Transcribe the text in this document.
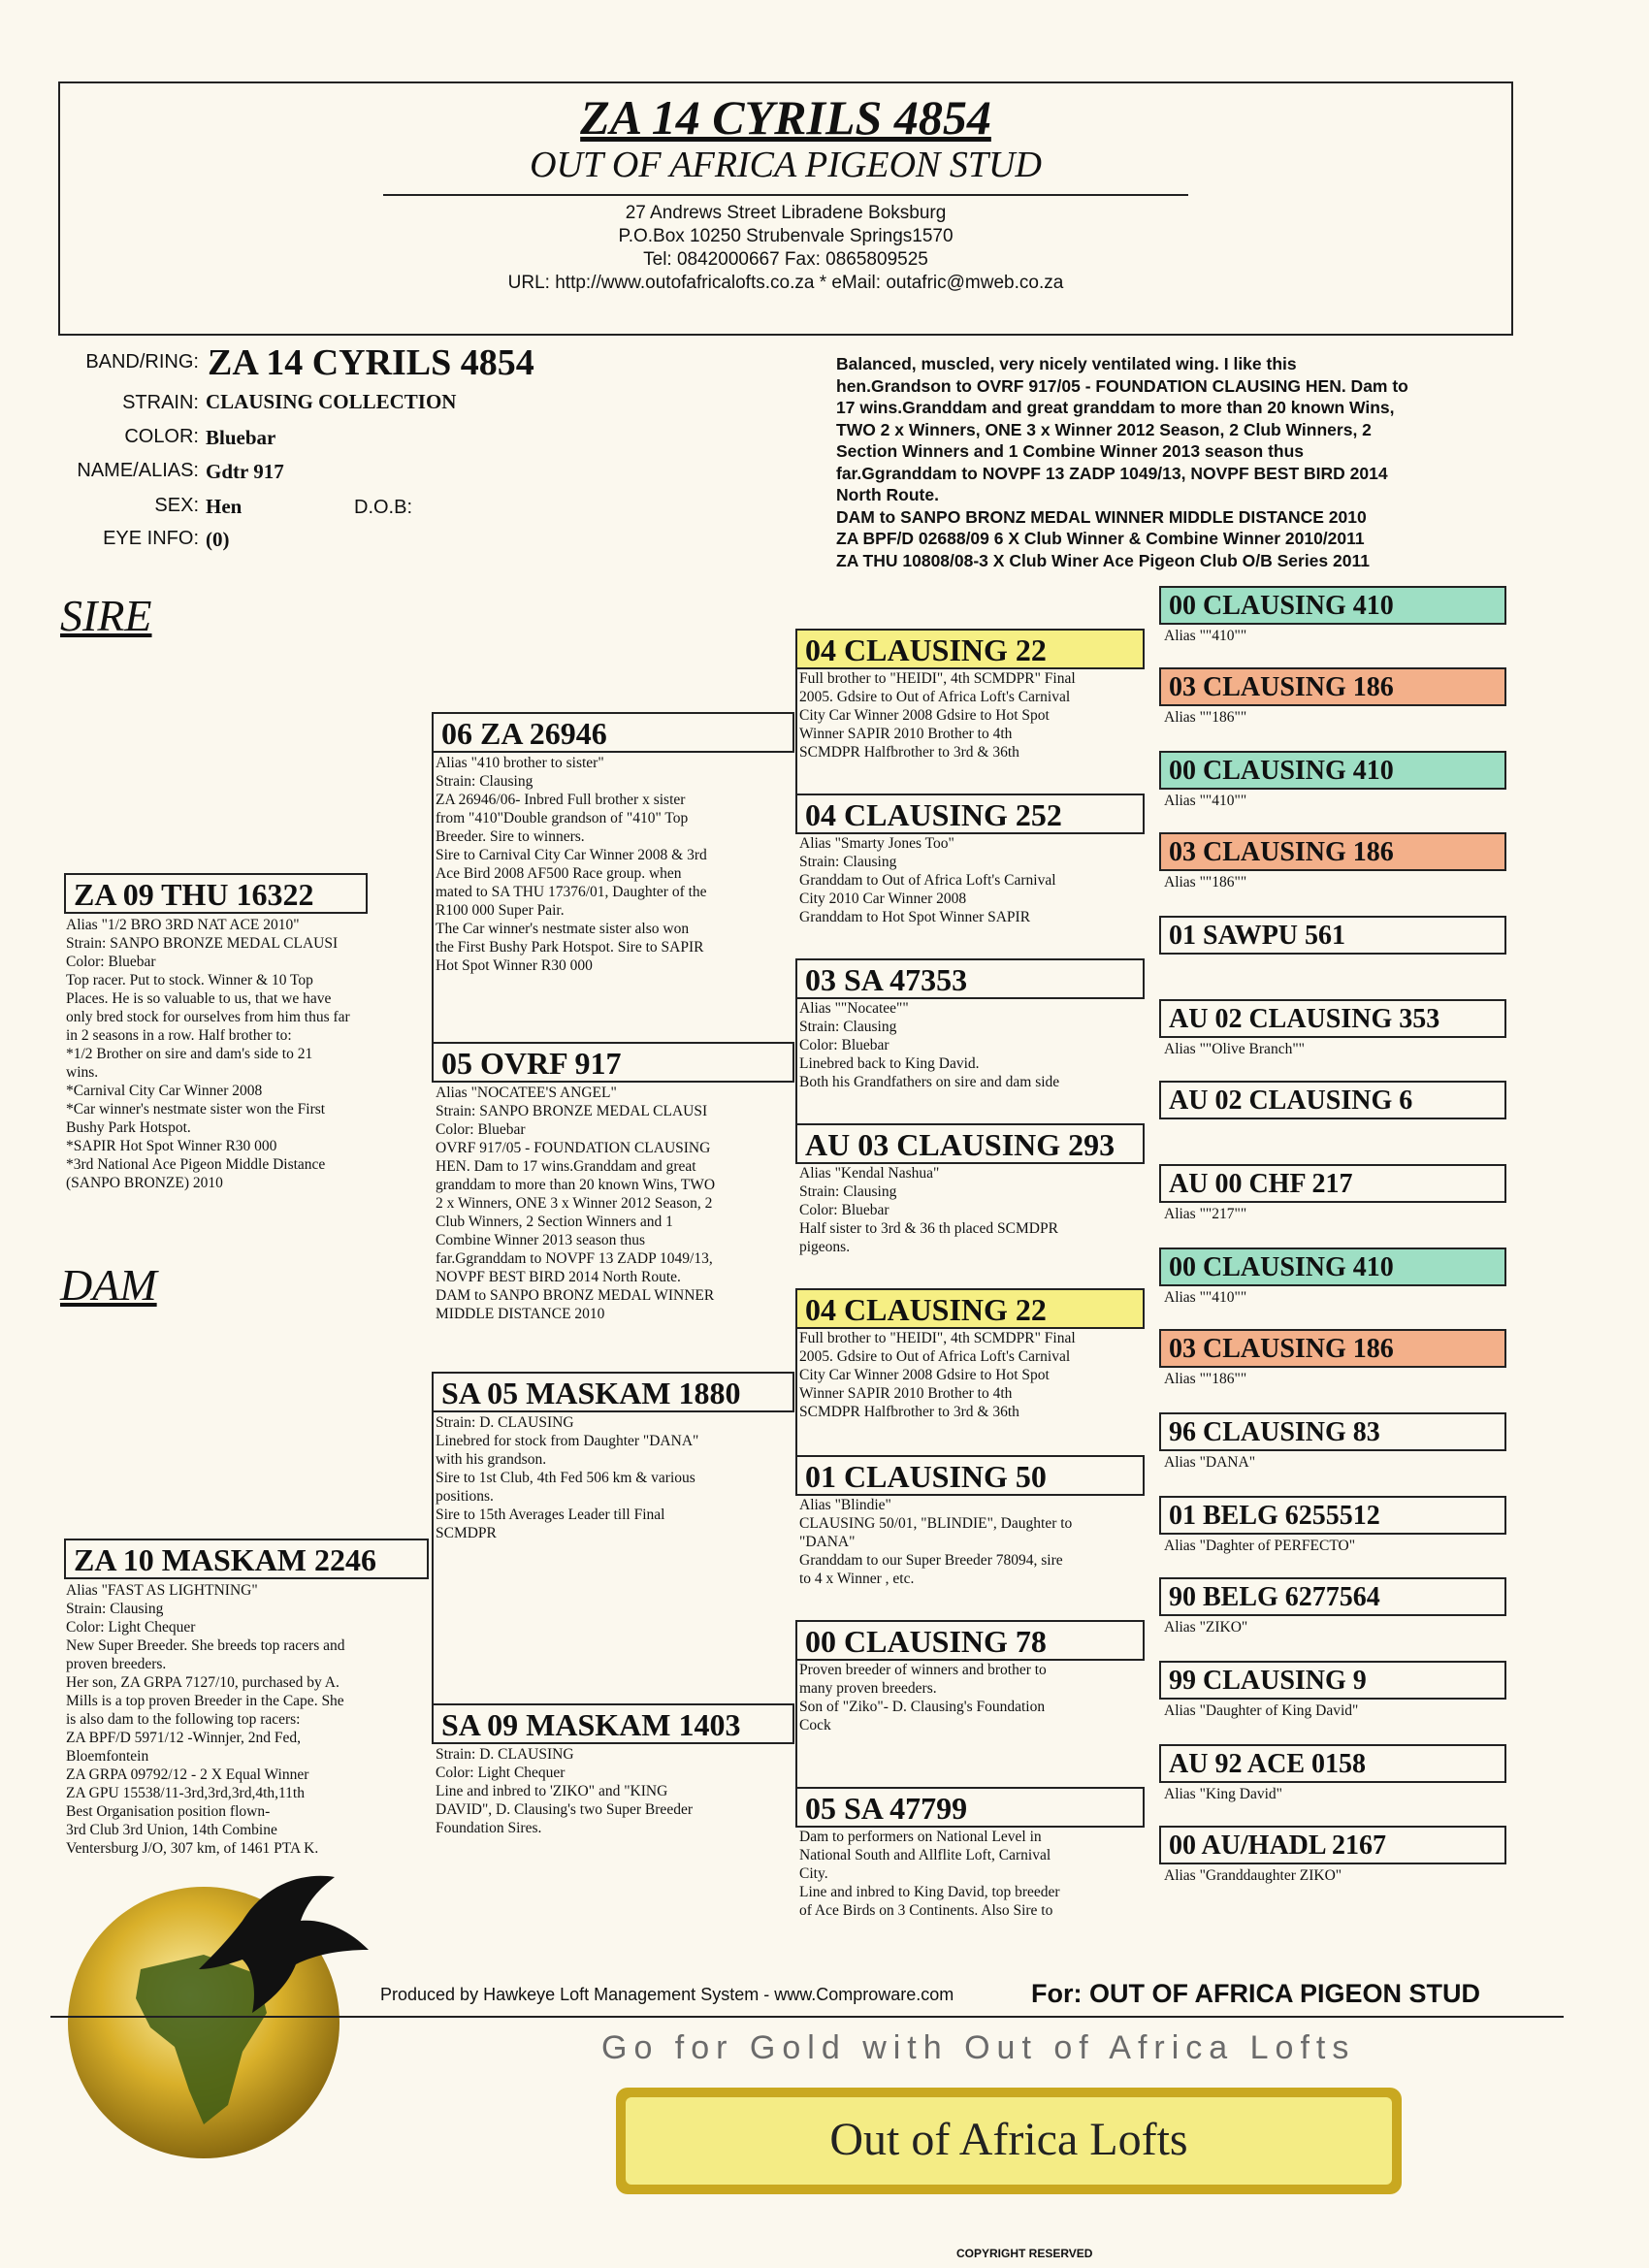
ZA 14 CYRILS 4854
OUT OF AFRICA PIGEON STUD
27 Andrews Street Libradene Boksburg
P.O.Box 10250 Strubenvale Springs1570
Tel: 0842000667 Fax: 0865809525
URL: http://www.outofafricalofts.co.za * eMail: outafric@mweb.co.za
BAND/RING: ZA 14 CYRILS 4854
STRAIN: CLAUSING COLLECTION
COLOR: Bluebar
NAME/ALIAS: Gdtr 917
SEX: Hen	D.O.B:
EYE INFO: (0)
Balanced, muscled, very nicely ventilated wing. I like this
hen.Grandson to OVRF 917/05 - FOUNDATION CLAUSING HEN. Dam to
17 wins.Granddam and great granddam to more than 20 known Wins,
TWO 2 x Winners, ONE 3 x Winner 2012 Season, 2 Club Winners, 2
Section Winners and 1 Combine Winner 2013 season thus
far.Ggranddam to NOVPF 13 ZADP 1049/13, NOVPF BEST BIRD 2014
North Route.
DAM to SANPO BRONZ MEDAL WINNER MIDDLE DISTANCE 2010
ZA BPF/D 02688/09 6 X Club Winner & Combine Winner 2010/2011
ZA THU 10808/08-3 X Club Winer Ace Pigeon Club O/B Series 2011
SIRE
DAM
ZA 09 THU 16322
Alias "1/2 BRO 3RD NAT ACE 2010"
Strain: SANPO BRONZE MEDAL CLAUSI
Color: Bluebar
Top racer. Put to stock. Winner & 10 Top
Places. He is so valuable to us, that we have
only bred stock for ourselves from him thus far
in 2 seasons in a row. Half brother to:
*1/2 Brother on sire and dam's side to 21
wins.
*Carnival City Car Winner 2008
*Car winner's nestmate sister won the First
Bushy Park Hotspot.
*SAPIR Hot Spot Winner R30 000
*3rd National Ace Pigeon Middle Distance
(SANPO BRONZE) 2010
ZA 10 MASKAM 2246
Alias "FAST AS LIGHTNING"
Strain: Clausing
Color: Light Chequer
New Super Breeder. She breeds top racers and
proven breeders.
Her son, ZA GRPA 7127/10, purchased by A.
Mills is a top proven Breeder in the Cape. She
is also dam to the following top racers:
ZA BPF/D 5971/12 -Winnjer, 2nd Fed,
Bloemfontein
ZA GRPA 09792/12 - 2 X Equal Winner
ZA GPU 15538/11-3rd,3rd,3rd,4th,11th
Best Organisation position flown-
3rd Club 3rd Union, 14th Combine
Ventersburg J/O, 307 km, of 1461 PTA K.
06 ZA 26946
Alias "410 brother to sister"
Strain: Clausing
ZA 26946/06- Inbred Full brother x sister
from "410"Double grandson of "410" Top
Breeder. Sire to winners.
Sire to Carnival City Car Winner 2008 & 3rd
Ace Bird 2008 AF500 Race group. when
mated to SA THU 17376/01, Daughter of the
R100 000 Super Pair.
The Car winner's nestmate sister also won
the First Bushy Park Hotspot. Sire to SAPIR
Hot Spot Winner R30 000
05 OVRF 917
Alias "NOCATEE'S ANGEL"
Strain: SANPO BRONZE MEDAL CLAUSI
Color: Bluebar
OVRF 917/05 - FOUNDATION CLAUSING
HEN. Dam to 17 wins.Granddam and great
granddam to more than 20 known Wins, TWO
2 x Winners, ONE 3 x Winner 2012 Season, 2
Club Winners, 2 Section Winners and 1
Combine Winner 2013 season thus
far.Ggranddam to NOVPF 13 ZADP 1049/13,
NOVPF BEST BIRD 2014 North Route.
DAM to SANPO BRONZ MEDAL WINNER
MIDDLE DISTANCE 2010
SA 05 MASKAM 1880
Strain: D. CLAUSING
Linebred for stock from Daughter "DANA"
with his grandson.
Sire to 1st Club, 4th Fed 506 km & various
positions.
Sire to 15th Averages Leader till Final
SCMDPR
SA 09 MASKAM 1403
Strain: D. CLAUSING
Color: Light Chequer
Line and inbred to 'ZIKO" and "KING
DAVID", D. Clausing's two Super Breeder
Foundation Sires.
04 CLAUSING 22
Full brother to "HEIDI", 4th SCMDPR" Final
2005. Gdsire to Out of Africa Loft's Carnival
City Car Winner 2008 Gdsire to Hot Spot
Winner SAPIR 2010 Brother to 4th
SCMDPR Halfbrother to 3rd & 36th
04 CLAUSING 252
Alias "Smarty Jones Too"
Strain: Clausing
Granddam to Out of Africa Loft's Carnival
City 2010 Car Winner 2008
Granddam to Hot Spot Winner SAPIR
03 SA 47353
Alias ""Nocatee""
Strain: Clausing
Color: Bluebar
Linebred back to King David.
Both his Grandfathers on sire and dam side
AU 03 CLAUSING 293
Alias "Kendal Nashua"
Strain: Clausing
Color: Bluebar
Half sister to 3rd & 36 th placed SCMDPR
pigeons.
04 CLAUSING 22
Full brother to "HEIDI", 4th SCMDPR" Final
2005. Gdsire to Out of Africa Loft's Carnival
City Car Winner 2008 Gdsire to Hot Spot
Winner SAPIR 2010 Brother to 4th
SCMDPR Halfbrother to 3rd & 36th
01 CLAUSING 50
Alias "Blindie"
CLAUSING 50/01, "BLINDIE", Daughter to
"DANA"
Granddam to our Super Breeder 78094, sire
to 4 x Winner , etc.
00 CLAUSING 78
Proven breeder of winners and brother to
many proven breeders.
Son of "Ziko"- D. Clausing's Foundation
Cock
05 SA 47799
Dam to performers on National Level in
National South and Allflite Loft, Carnival
City.
Line and inbred to King David, top breeder
of Ace Birds on 3 Continents. Also Sire to
00 CLAUSING 410
Alias ""410""
03 CLAUSING 186
Alias ""186""
00 CLAUSING 410
Alias ""410""
03 CLAUSING 186
Alias ""186""
01 SAWPU 561
AU 02 CLAUSING 353
Alias ""Olive Branch""
AU 02 CLAUSING 6
AU 00 CHF 217
Alias ""217""
00 CLAUSING 410
Alias ""410""
03 CLAUSING 186
Alias ""186""
96 CLAUSING 83
Alias "DANA"
01 BELG 6255512
Alias "Daghter of PERFECTO"
90 BELG 6277564
Alias "ZIKO"
99 CLAUSING 9
Alias "Daughter of King David"
AU 92 ACE 0158
Alias "King David"
00 AU/HADL 2167
Alias "Granddaughter ZIKO"
Produced by Hawkeye Loft Management System - www.Comproware.com	For: OUT OF AFRICA PIGEON STUD
Go for Gold with Out of Africa Lofts
Out of Africa Lofts
COPYRIGHT RESERVED
